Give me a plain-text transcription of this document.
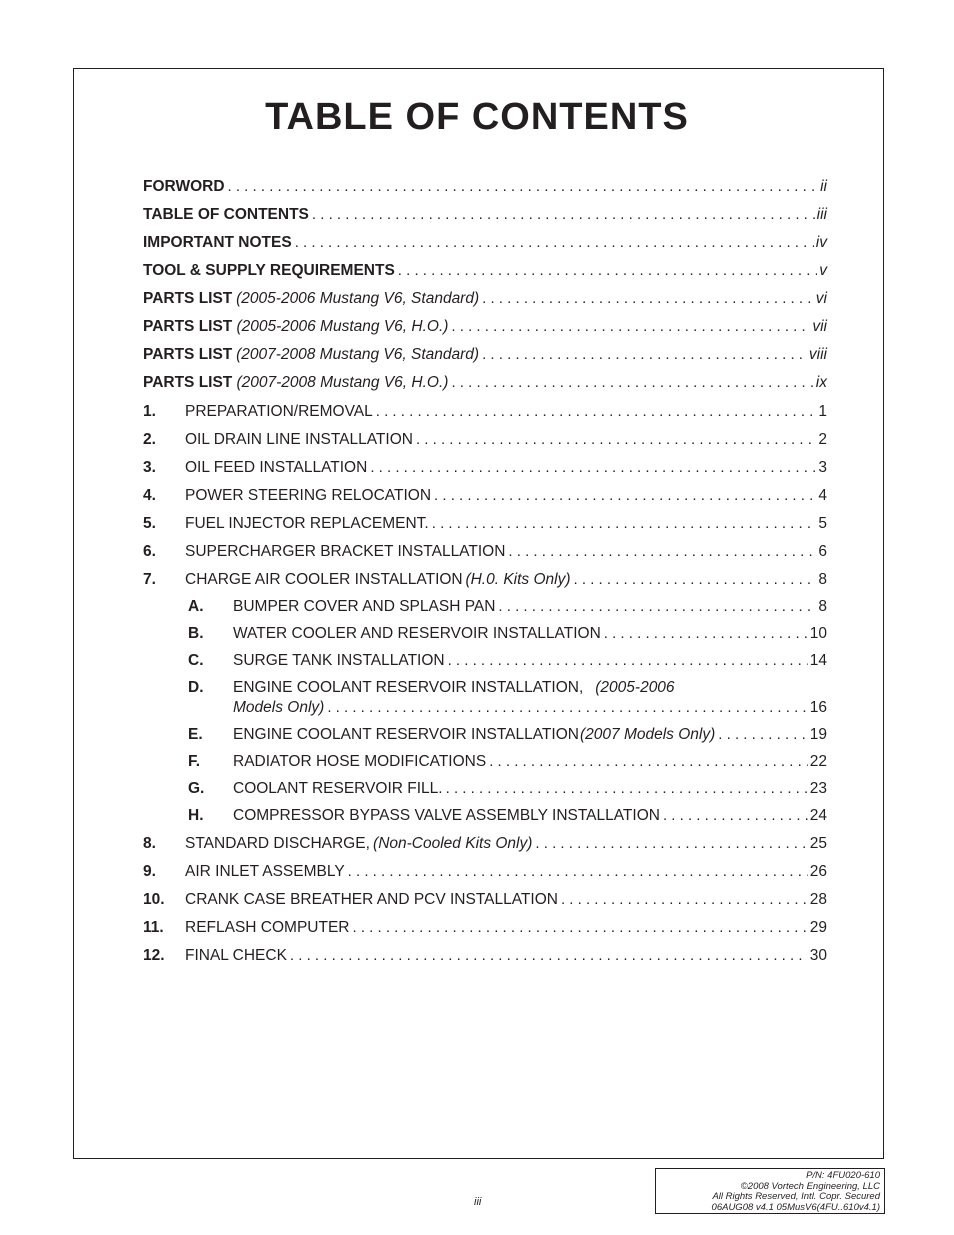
TABLE OF CONTENTS
FORWORD . . .	ii
TABLE OF CONTENTS . . .	iii
IMPORTANT NOTES . . .	iv
TOOL & SUPPLY REQUIREMENTS . . .	v
PARTS LIST (2005-2006 Mustang V6, Standard) . . .	vi
PARTS LIST (2005-2006 Mustang V6, H.O.) . . .	vii
PARTS LIST (2007-2008 Mustang V6, Standard) . . .	viii
PARTS LIST (2007-2008 Mustang V6, H.O.) . . .	ix
1.	PREPARATION/REMOVAL . . .	1
2.	OIL DRAIN LINE INSTALLATION . . .	2
3.	OIL FEED INSTALLATION . . .	3
4.	POWER STEERING RELOCATION . . .	4
5.	FUEL INJECTOR REPLACEMENT. . . .	5
6.	SUPERCHARGER BRACKET INSTALLATION . . .	6
7.	CHARGE AIR COOLER INSTALLATION (H.0. Kits Only) . . .	8
A.	BUMPER COVER AND SPLASH PAN . . .	8
B.	WATER COOLER AND RESERVOIR INSTALLATION . . .	10
C.	SURGE TANK INSTALLATION . . .	14
D.	ENGINE COOLANT RESERVOIR INSTALLATION, (2005-2006
Models Only) . . .	16
E.	ENGINE COOLANT RESERVOIR INSTALLATION (2007 Models Only) . . .	19
F.	RADIATOR HOSE MODIFICATIONS . . .	22
G.	COOLANT RESERVOIR FILL. . . .	23
H.	COMPRESSOR BYPASS VALVE ASSEMBLY INSTALLATION . . .	24
8.	STANDARD DISCHARGE, (Non-Cooled Kits Only) . . .	25
9.	AIR INLET ASSEMBLY . . .	26
10.	CRANK CASE BREATHER AND PCV INSTALLATION . . .	28
11.	REFLASH COMPUTER . . .	29
12.	FINAL CHECK . . .	30
iii
P/N: 4FU020-610
©2008 Vortech Engineering, LLC
All Rights Reserved, Intl. Copr. Secured
06AUG08 v4.1 05MusV6(4FU..610v4.1)
